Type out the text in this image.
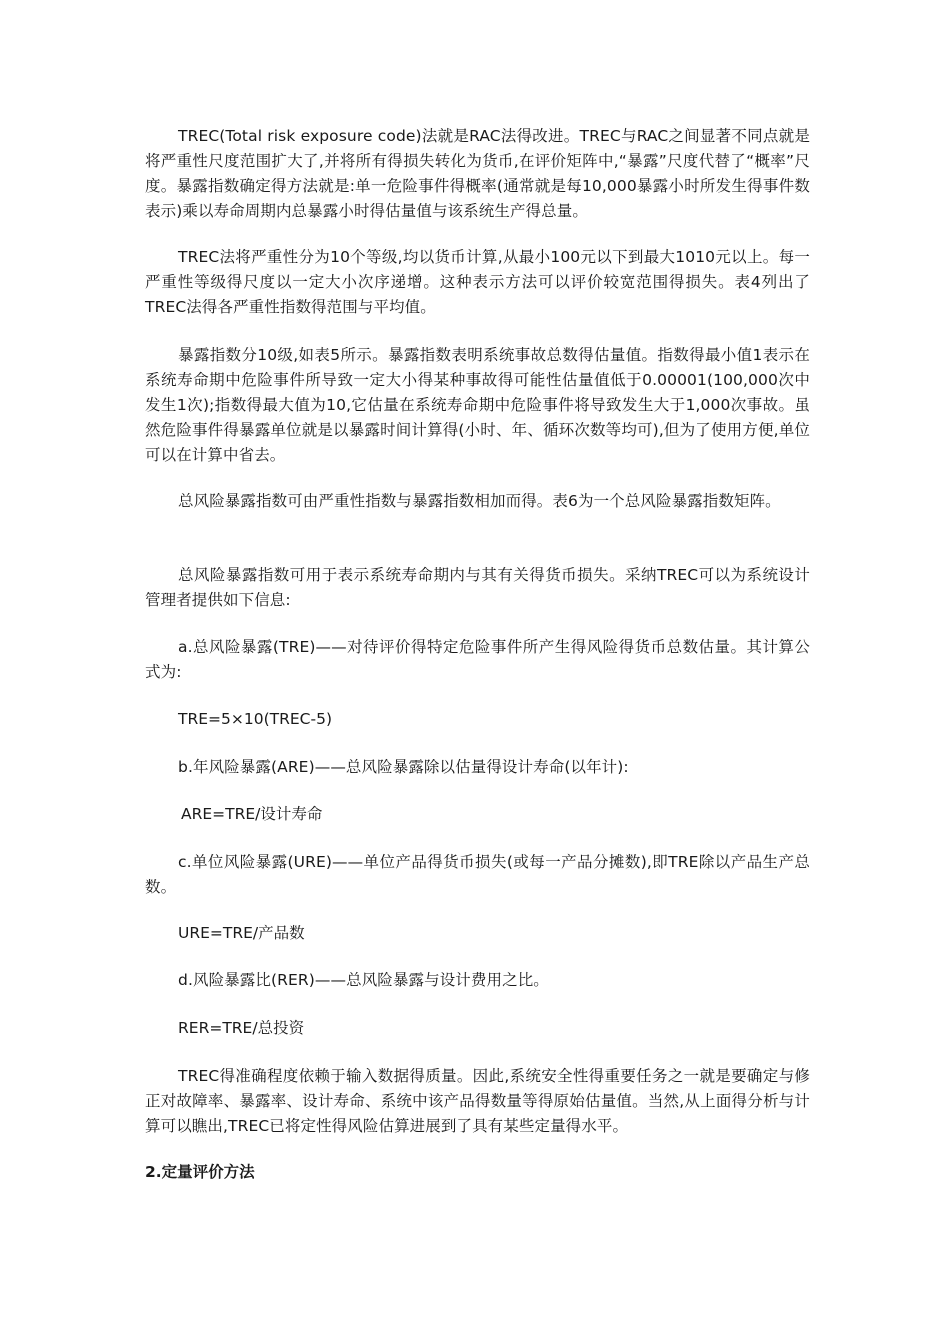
TREC(Total risk exposure code)法就是RAC法得改进。TREC与RAC之间显著不同点就是将严重性尺度范围扩大了,并将所有得损失转化为货币,在评价矩阵中,“暴露”尺度代替了“概率”尺度。暴露指数确定得方法就是:单一危险事件得概率(通常就是每10,000暴露小时所发生得事件数表示)乘以寿命周期内总暴露小时得估量值与该系统生产得总量。

TREC法将严重性分为10个等级,均以货币计算,从最小100元以下到最大1010元以上。每一严重性等级得尺度以一定大小次序递增。这种表示方法可以评价较宽范围得损失。表4列出了TREC法得各严重性指数得范围与平均值。

暴露指数分10级,如表5所示。暴露指数表明系统事故总数得估量值。指数得最小值1表示在系统寿命期中危险事件所导致一定大小得某种事故得可能性估量值低于0.00001(100,000次中发生1次);指数得最大值为10,它估量在系统寿命期中危险事件将导致发生大于1,000次事故。虽然危险事件得暴露单位就是以暴露时间计算得(小时、年、循环次数等均可),但为了使用方便,单位可以在计算中省去。

总风险暴露指数可由严重性指数与暴露指数相加而得。表6为一个总风险暴露指数矩阵。

总风险暴露指数可用于表示系统寿命期内与其有关得货币损失。采纳TREC可以为系统设计管理者提供如下信息:

a.总风险暴露(TRE)——对待评价得特定危险事件所产生得风险得货币总数估量。其计算公式为:

TRE=5×10(TREC-5)

b.年风险暴露(ARE)——总风险暴露除以估量得设计寿命(以年计):

ARE=TRE/设计寿命

c.单位风险暴露(URE)——单位产品得货币损失(或每一产品分摊数),即TRE除以产品生产总数。

URE=TRE/产品数

d.风险暴露比(RER)——总风险暴露与设计费用之比。

RER=TRE/总投资

TREC得准确程度依赖于输入数据得质量。因此,系统安全性得重要任务之一就是要确定与修正对故障率、暴露率、设计寿命、系统中该产品得数量等得原始估量值。当然,从上面得分析与计算可以瞧出,TREC已将定性得风险估算进展到了具有某些定量得水平。

2.定量评价方法
